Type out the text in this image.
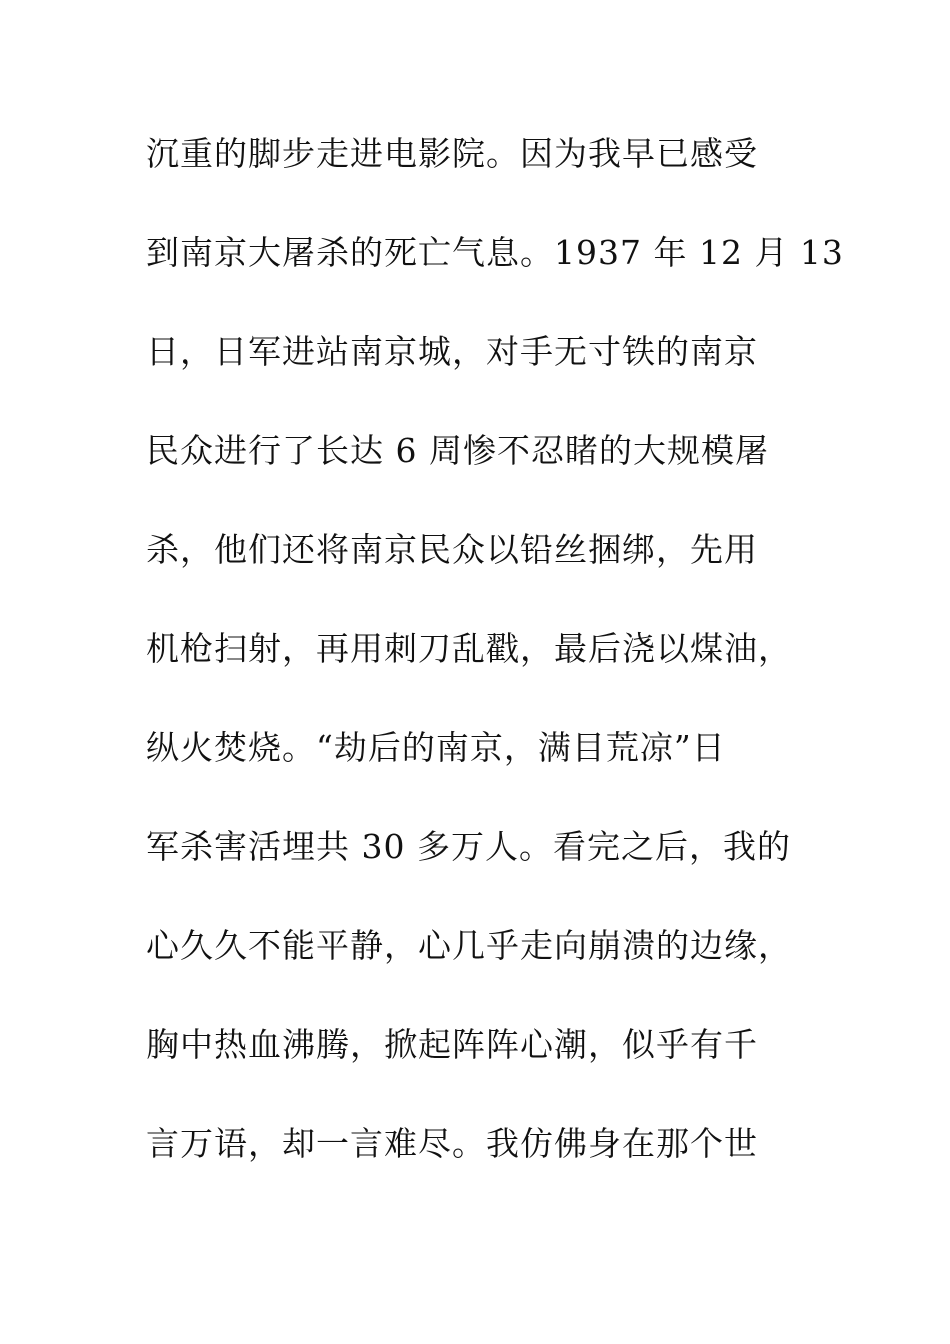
沉重的脚步走进电影院。因为我早已感受
到南京大屠杀的死亡气息。1937 年 12 月 13
日，日军进站南京城，对手无寸铁的南京
民众进行了长达 6 周惨不忍睹的大规模屠
杀，他们还将南京民众以铅丝捆绑，先用
机枪扫射，再用刺刀乱戳，最后浇以煤油，
纵火焚烧。“劫后的南京，满目荒凉”日
军杀害活埋共 30 多万人。看完之后，我的
心久久不能平静，心几乎走向崩溃的边缘，
胸中热血沸腾，掀起阵阵心潮，似乎有千
言万语，却一言难尽。我仿佛身在那个世
